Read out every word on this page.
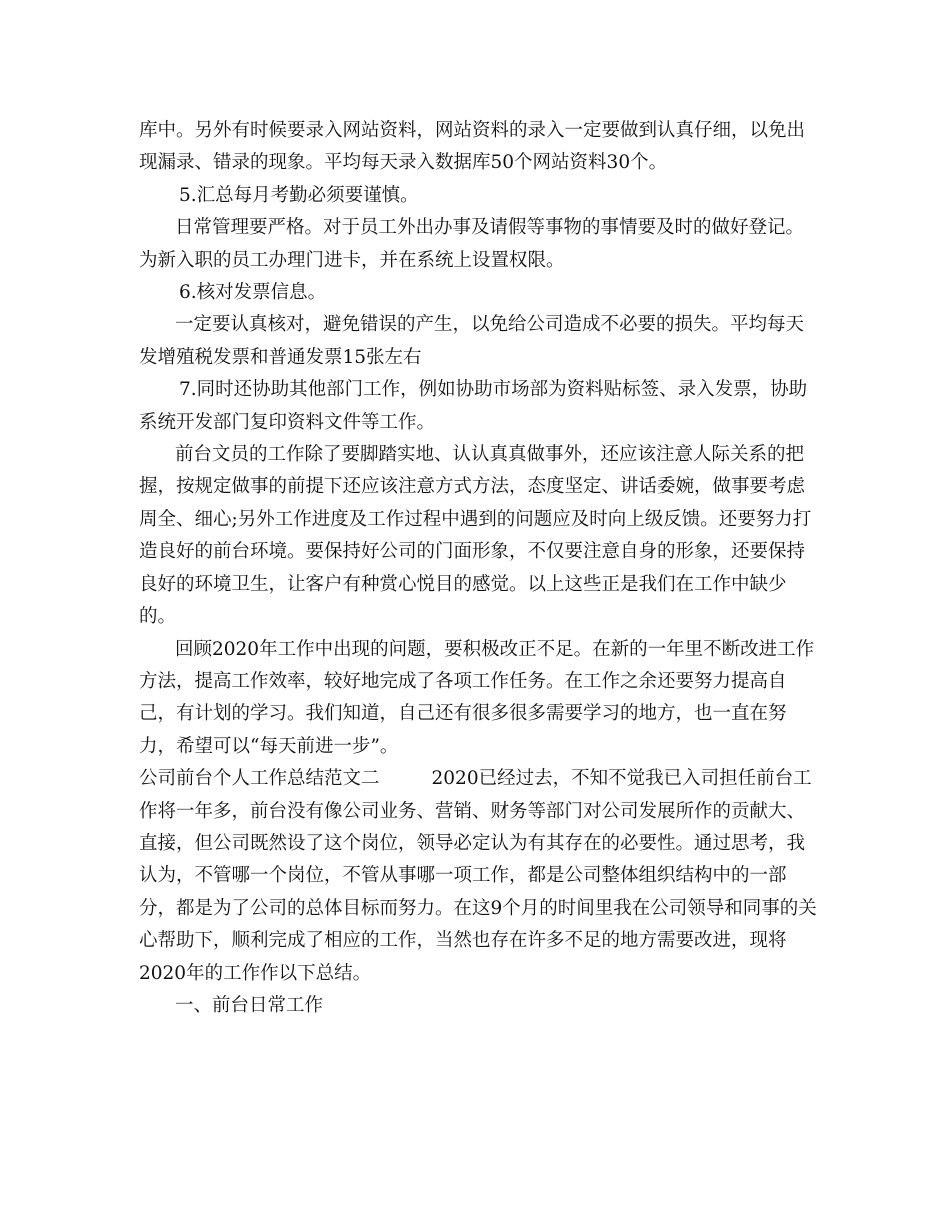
库中。另外有时候要录入网站资料，网站资料的录入一定要做到认真仔细，以免出现漏录、错录的现象。平均每天录入数据库50个网站资料30个。

5.汇总每月考勤必须要谨慎。

日常管理要严格。对于员工外出办事及请假等事物的事情要及时的做好登记。为新入职的员工办理门进卡，并在系统上设置权限。

6.核对发票信息。

一定要认真核对，避免错误的产生，以免给公司造成不必要的损失。平均每天发增殖税发票和普通发票15张左右

7.同时还协助其他部门工作，例如协助市场部为资料贴标签、录入发票，协助系统开发部门复印资料文件等工作。

前台文员的工作除了要脚踏实地、认认真真做事外，还应该注意人际关系的把握，按规定做事的前提下还应该注意方式方法，态度坚定、讲话委婉，做事要考虑周全、细心;另外工作进度及工作过程中遇到的问题应及时向上级反馈。还要努力打造良好的前台环境。要保持好公司的门面形象，不仅要注意自身的形象，还要保持良好的环境卫生，让客户有种赏心悦目的感觉。以上这些正是我们在工作中缺少的。

回顾2020年工作中出现的问题，要积极改正不足。在新的一年里不断改进工作方法，提高工作效率，较好地完成了各项工作任务。在工作之余还要努力提高自己，有计划的学习。我们知道，自己还有很多很多需要学习的地方，也一直在努力，希望可以“每天前进一步”。

公司前台个人工作总结范文二	2020已经过去，不知不觉我已入司担任前台工作将一年多，前台没有像公司业务、营销、财务等部门对公司发展所作的贡献大、直接，但公司既然设了这个岗位，领导必定认为有其存在的必要性。通过思考，我认为，不管哪一个岗位，不管从事哪一项工作，都是公司整体组织结构中的一部分，都是为了公司的总体目标而努力。在这9个月的时间里我在公司领导和同事的关心帮助下，顺利完成了相应的工作，当然也存在许多不足的地方需要改进，现将2020年的工作作以下总结。

一、前台日常工作
